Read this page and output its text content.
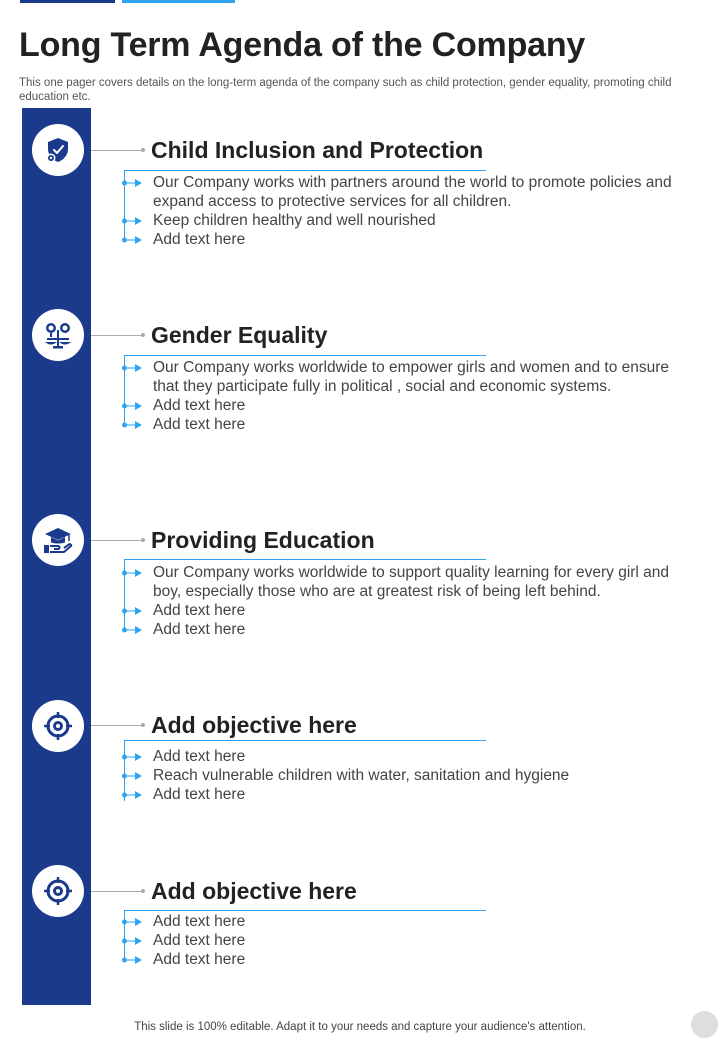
Long Term Agenda of the Company

This one pager covers details on the long-term agenda of the company such as child protection, gender equality, promoting child education etc.

Child Inclusion and Protection
Our Company works with partners around the world to promote policies and expand access to protective services for all children.
Keep children healthy and well nourished
Add text here
Gender Equality
Our Company works worldwide to empower girls and women and to ensure that they participate fully in political , social and economic systems.
Add text here
Add text here
Providing Education
Our Company works worldwide to support quality learning for every girl and boy, especially those who are at greatest risk of being left behind.
Add text here
Add text here
Add objective here
Add text here
Reach vulnerable children with water, sanitation and hygiene
Add text here
Add objective here
Add text here
Add text here
Add text here
This slide is 100% editable. Adapt it to your needs and capture your audience's attention.
